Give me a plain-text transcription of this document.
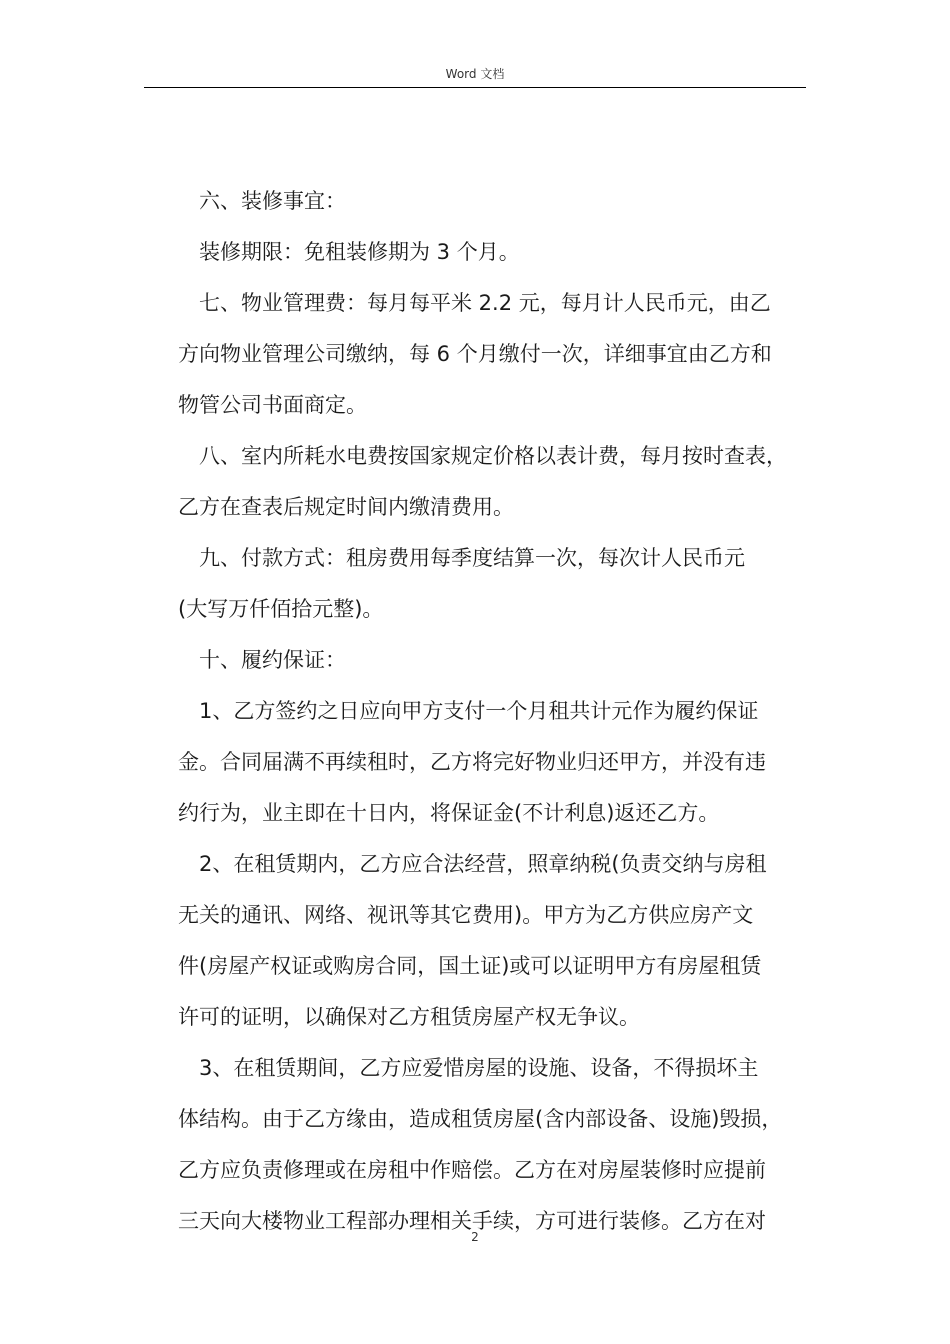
Word 文档
六、装修事宜：
装修期限：免租装修期为 3 个月。
七、物业管理费：每月每平米 2.2 元，每月计人民币元，由乙
方向物业管理公司缴纳，每 6 个月缴付一次，详细事宜由乙方和
物管公司书面商定。
八、室内所耗水电费按国家规定价格以表计费，每月按时查表，
乙方在查表后规定时间内缴清费用。
九、付款方式：租房费用每季度结算一次，每次计人民币元
(大写万仟佰拾元整)。
十、履约保证：
1、乙方签约之日应向甲方支付一个月租共计元作为履约保证
金。合同届满不再续租时，乙方将完好物业归还甲方，并没有违
约行为，业主即在十日内，将保证金(不计利息)返还乙方。
2、在租赁期内，乙方应合法经营，照章纳税(负责交纳与房租
无关的通讯、网络、视讯等其它费用)。甲方为乙方供应房产文
件(房屋产权证或购房合同，国土证)或可以证明甲方有房屋租赁
许可的证明，以确保对乙方租赁房屋产权无争议。
3、在租赁期间，乙方应爱惜房屋的设施、设备，不得损坏主
体结构。由于乙方缘由，造成租赁房屋(含内部设备、设施)毁损，
乙方应负责修理或在房租中作赔偿。乙方在对房屋装修时应提前
三天向大楼物业工程部办理相关手续，方可进行装修。乙方在对
2
